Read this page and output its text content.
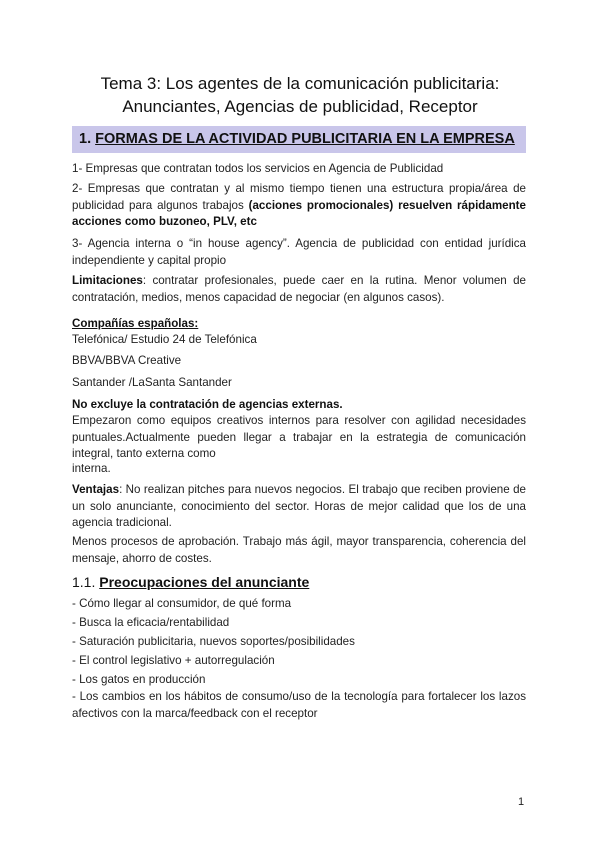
Tema 3: Los agentes de la comunicación publicitaria:
Anunciantes, Agencias de publicidad, Receptor
1. FORMAS DE LA ACTIVIDAD PUBLICITARIA EN LA EMPRESA
1- Empresas que contratan todos los servicios en Agencia de Publicidad
2- Empresas que contratan y al mismo tiempo tienen una estructura propia/área de publicidad para algunos trabajos (acciones promocionales) resuelven rápidamente acciones como buzoneo, PLV, etc
3- Agencia interna o “in house agency”. Agencia de publicidad con entidad jurídica independiente y capital propio
Limitaciones: contratar profesionales, puede caer en la rutina. Menor volumen de contratación, medios, menos capacidad de negociar (en algunos casos).
Compañías españolas:
Telefónica/ Estudio 24 de Telefónica
BBVA/BBVA Creative
Santander /LaSanta Santander
No excluye la contratación de agencias externas.
Empezaron como equipos creativos internos para resolver con agilidad necesidades puntuales.Actualmente pueden llegar a trabajar en la estrategia de comunicación integral, tanto externa como
interna.
Ventajas: No realizan pitches para nuevos negocios. El trabajo que reciben proviene de un solo anunciante, conocimiento del sector. Horas de mejor calidad que los de una agencia tradicional.
Menos procesos de aprobación. Trabajo más ágil, mayor transparencia, coherencia del mensaje, ahorro de costes.
1.1. Preocupaciones del anunciante
- Cómo llegar al consumidor, de qué forma
- Busca la eficacia/rentabilidad
- Saturación publicitaria, nuevos soportes/posibilidades
- El control legislativo + autorregulación
- Los gatos en producción
- Los cambios en los hábitos de consumo/uso de la tecnología para fortalecer los lazos afectivos con la marca/feedback con el receptor
1
